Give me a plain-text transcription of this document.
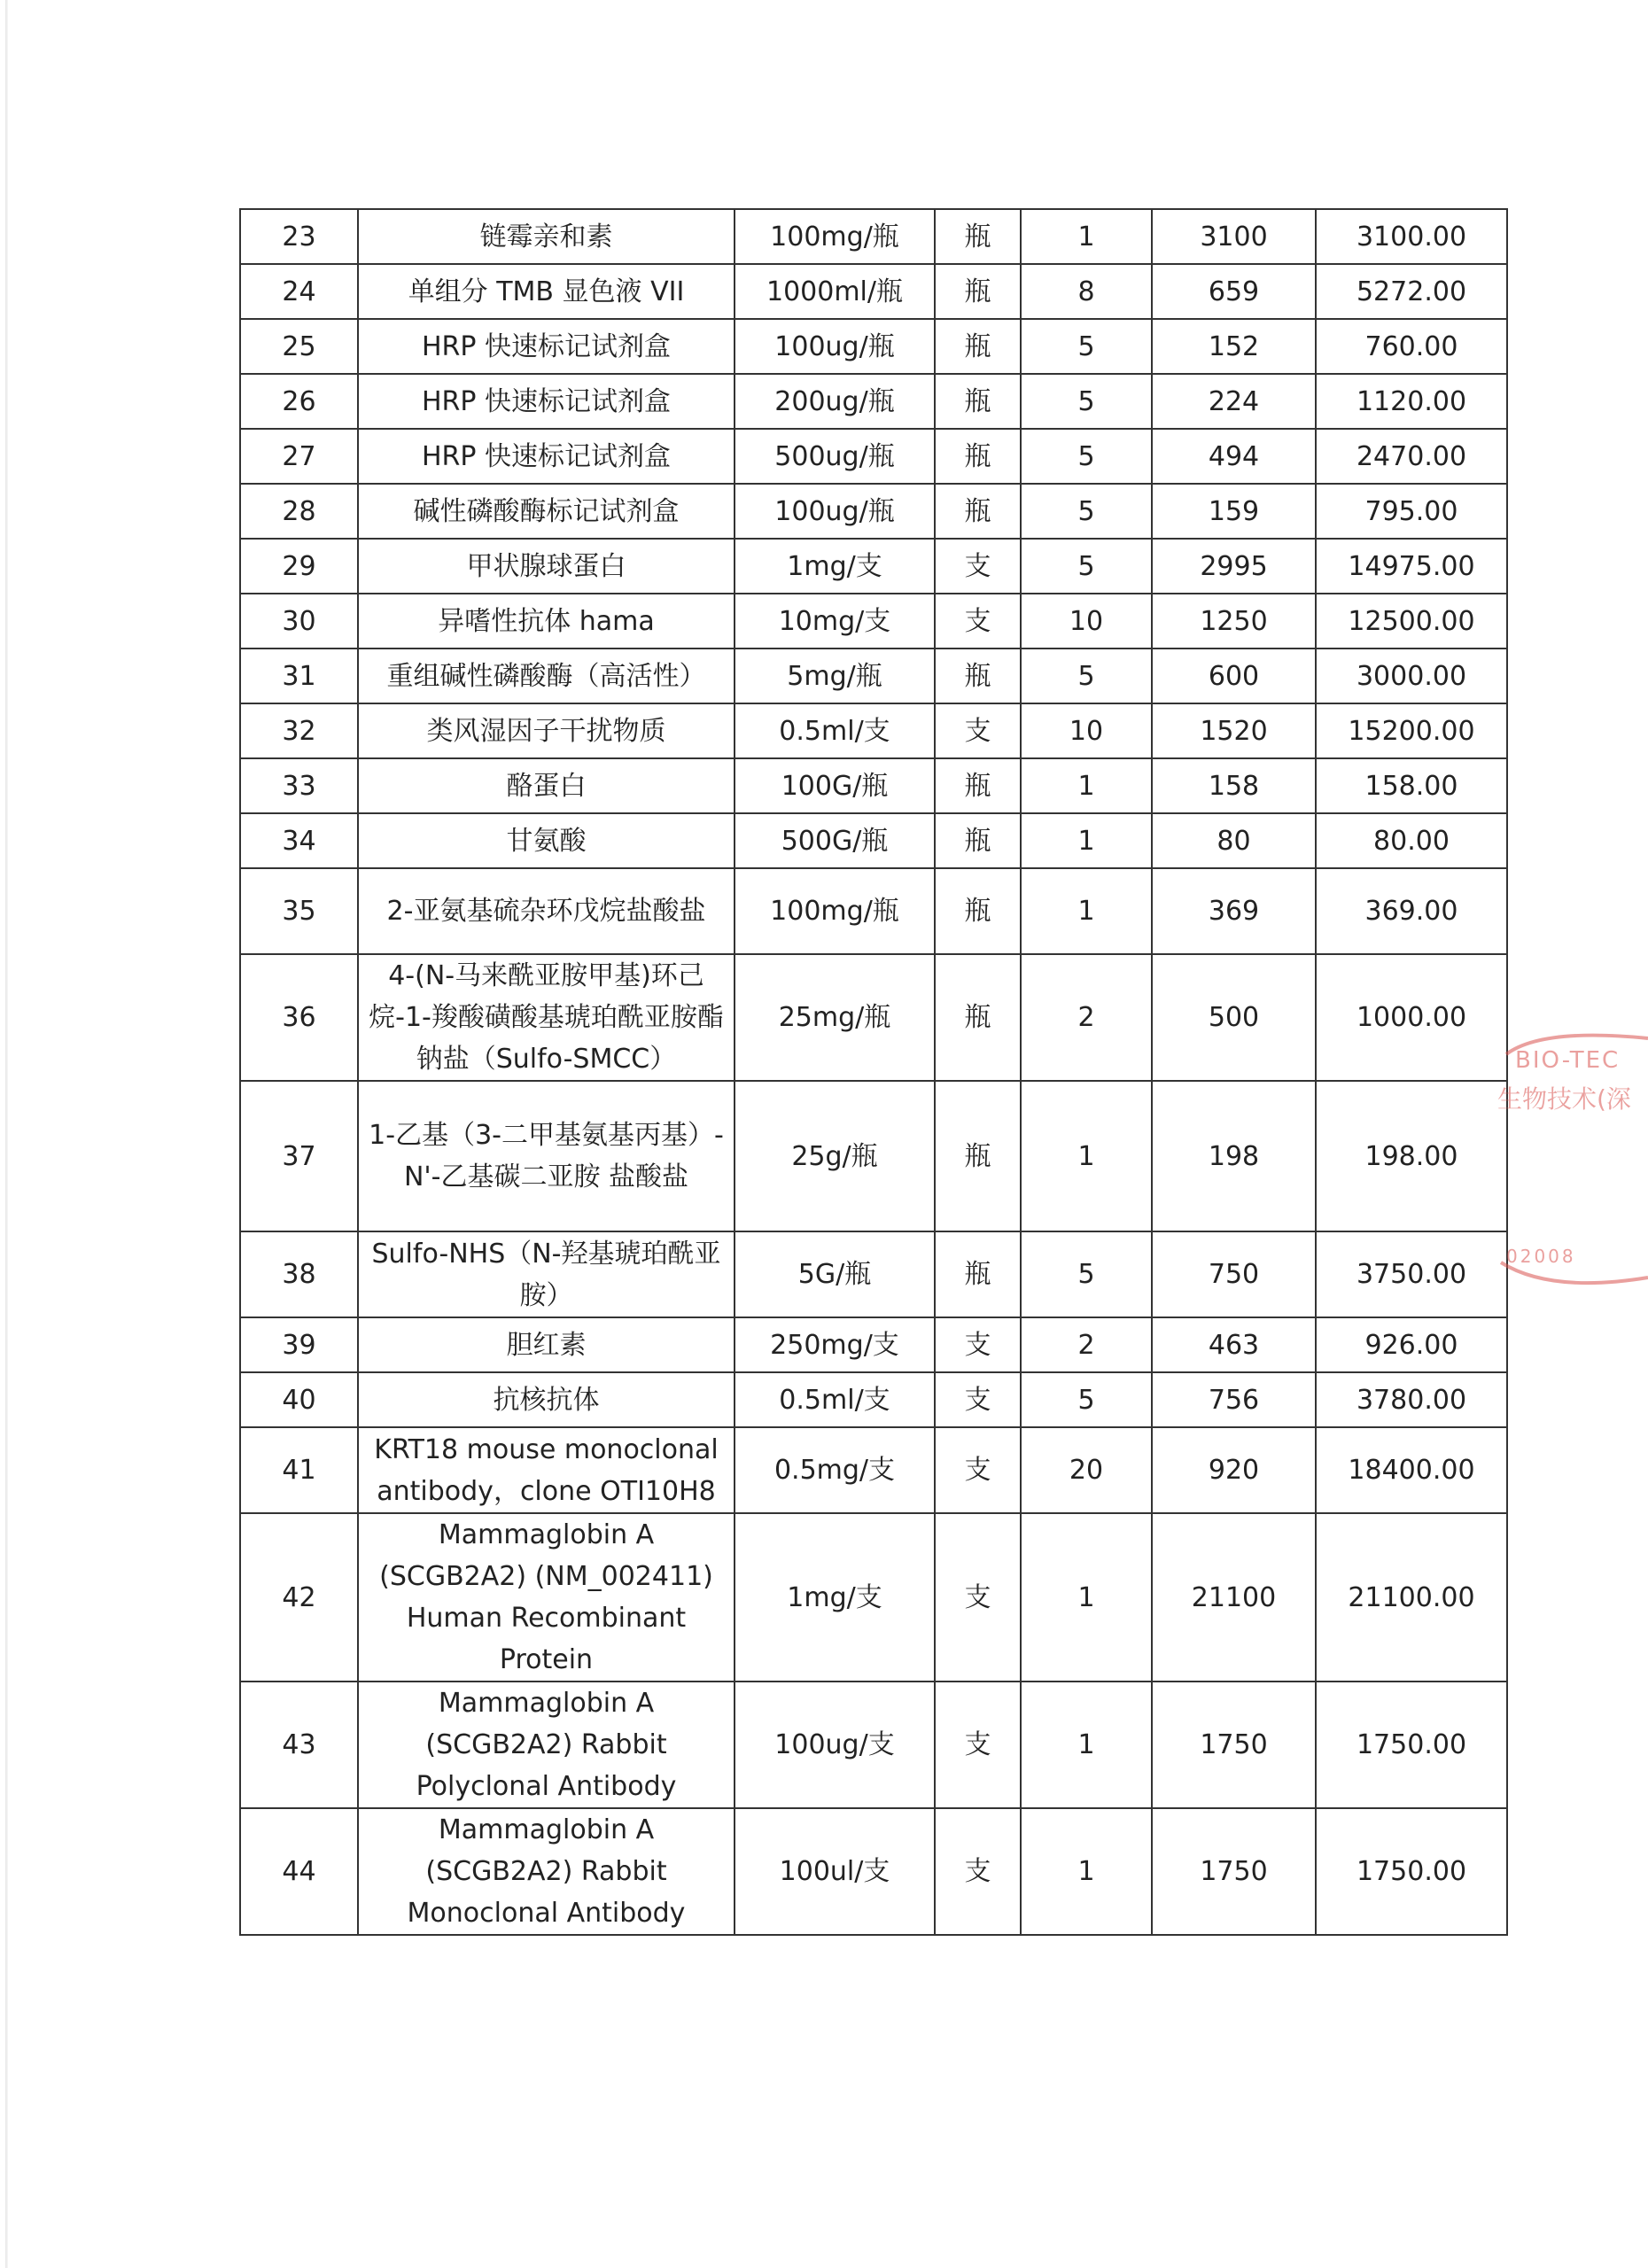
23	链霉亲和素	100mg/瓶	瓶	1	3100	3100.00
24	单组分 TMB 显色液 VII	1000ml/瓶	瓶	8	659	5272.00
25	HRP 快速标记试剂盒	100ug/瓶	瓶	5	152	760.00
26	HRP 快速标记试剂盒	200ug/瓶	瓶	5	224	1120.00
27	HRP 快速标记试剂盒	500ug/瓶	瓶	5	494	2470.00
28	碱性磷酸酶标记试剂盒	100ug/瓶	瓶	5	159	795.00
29	甲状腺球蛋白	1mg/支	支	5	2995	14975.00
30	异嗜性抗体 hama	10mg/支	支	10	1250	12500.00
31	重组碱性磷酸酶（高活性）	5mg/瓶	瓶	5	600	3000.00
32	类风湿因子干扰物质	0.5ml/支	支	10	1520	15200.00
33	酪蛋白	100G/瓶	瓶	1	158	158.00
34	甘氨酸	500G/瓶	瓶	1	80	80.00
35	2-亚氨基硫杂环戊烷盐酸盐	100mg/瓶	瓶	1	369	369.00
36	4-(N-马来酰亚胺甲基)环己烷-1-羧酸磺酸基琥珀酰亚胺酯钠盐（Sulfo-SMCC）	25mg/瓶	瓶	2	500	1000.00
37	1-乙基（3-二甲基氨基丙基）-N'-乙基碳二亚胺 盐酸盐	25g/瓶	瓶	1	198	198.00
38	Sulfo-NHS（N-羟基琥珀酰亚胺）	5G/瓶	瓶	5	750	3750.00
39	胆红素	250mg/支	支	2	463	926.00
40	抗核抗体	0.5ml/支	支	5	756	3780.00
41	KRT18 mouse monoclonal antibody，clone OTI10H8	0.5mg/支	支	20	920	18400.00
42	Mammaglobin A (SCGB2A2) (NM_002411) Human Recombinant Protein	1mg/支	支	1	21100	21100.00
43	Mammaglobin A (SCGB2A2) Rabbit Polyclonal Antibody	100ug/支	支	1	1750	1750.00
44	Mammaglobin A (SCGB2A2) Rabbit Monoclonal Antibody	100ul/支	支	1	1750	1750.00
BIO-TEC
生物技术(深
02008
